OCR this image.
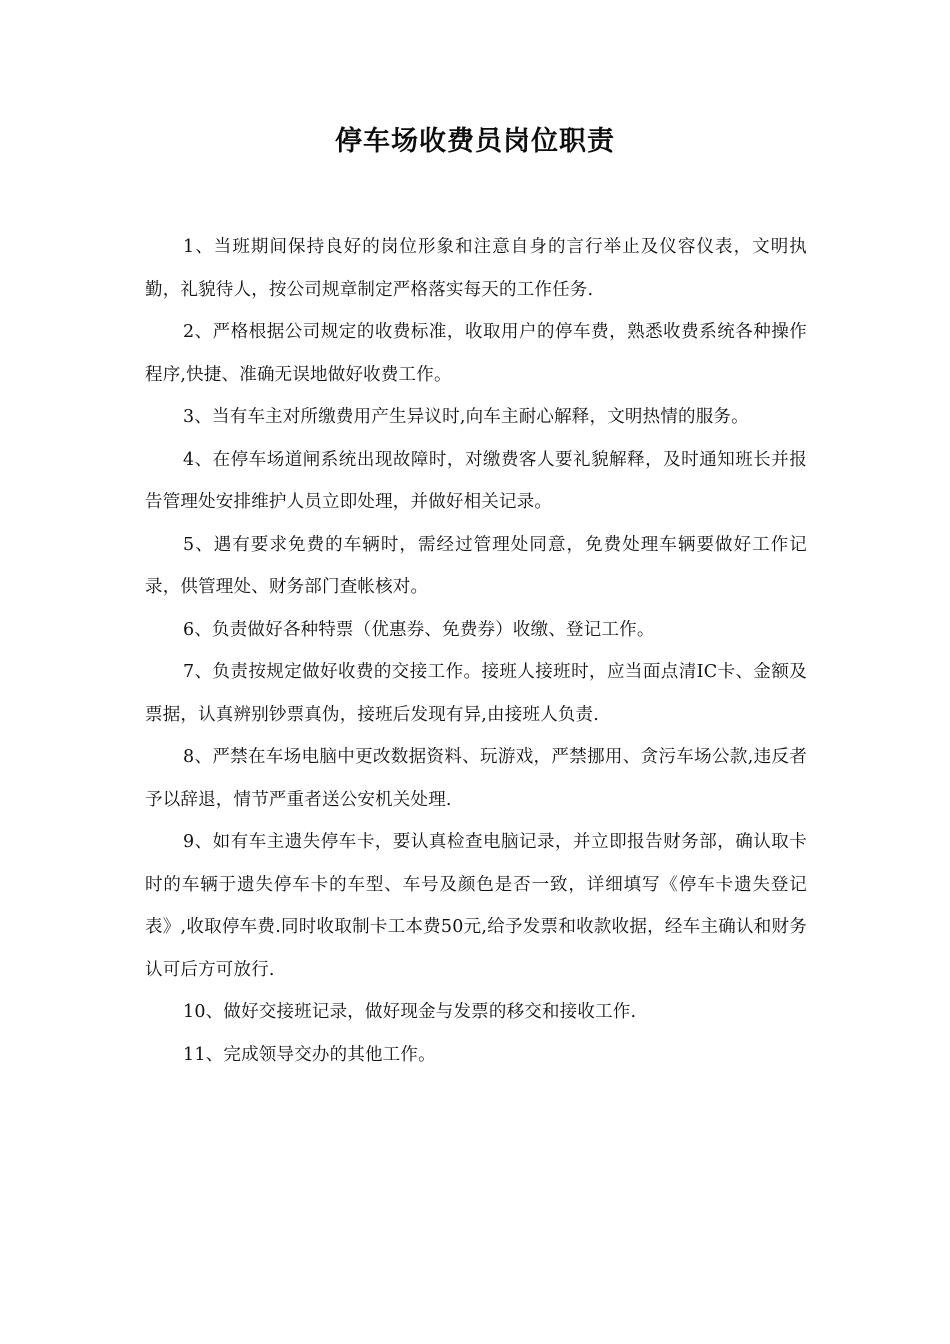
停车场收费员岗位职责

1、当班期间保持良好的岗位形象和注意自身的言行举止及仪容仪表，文明执勤，礼貌待人，按公司规章制定严格落实每天的工作任务.

2、严格根据公司规定的收费标准，收取用户的停车费，熟悉收费系统各种操作程序,快捷、准确无误地做好收费工作。

3、当有车主对所缴费用产生异议时,向车主耐心解释，文明热情的服务。

4、在停车场道闸系统出现故障时，对缴费客人要礼貌解释，及时通知班长并报告管理处安排维护人员立即处理，并做好相关记录。

5、遇有要求免费的车辆时，需经过管理处同意，免费处理车辆要做好工作记录，供管理处、财务部门查帐核对。

6、负责做好各种特票（优惠券、免费券）收缴、登记工作。

7、负责按规定做好收费的交接工作。接班人接班时，应当面点清IC卡、金额及票据，认真辨别钞票真伪，接班后发现有异,由接班人负责.

8、严禁在车场电脑中更改数据资料、玩游戏，严禁挪用、贪污车场公款,违反者予以辞退，情节严重者送公安机关处理.

9、如有车主遗失停车卡，要认真检查电脑记录，并立即报告财务部，确认取卡时的车辆于遗失停车卡的车型、车号及颜色是否一致，详细填写《停车卡遗失登记表》,收取停车费.同时收取制卡工本费50元,给予发票和收款收据，经车主确认和财务认可后方可放行.

10、做好交接班记录，做好现金与发票的移交和接收工作.

11、完成领导交办的其他工作。
